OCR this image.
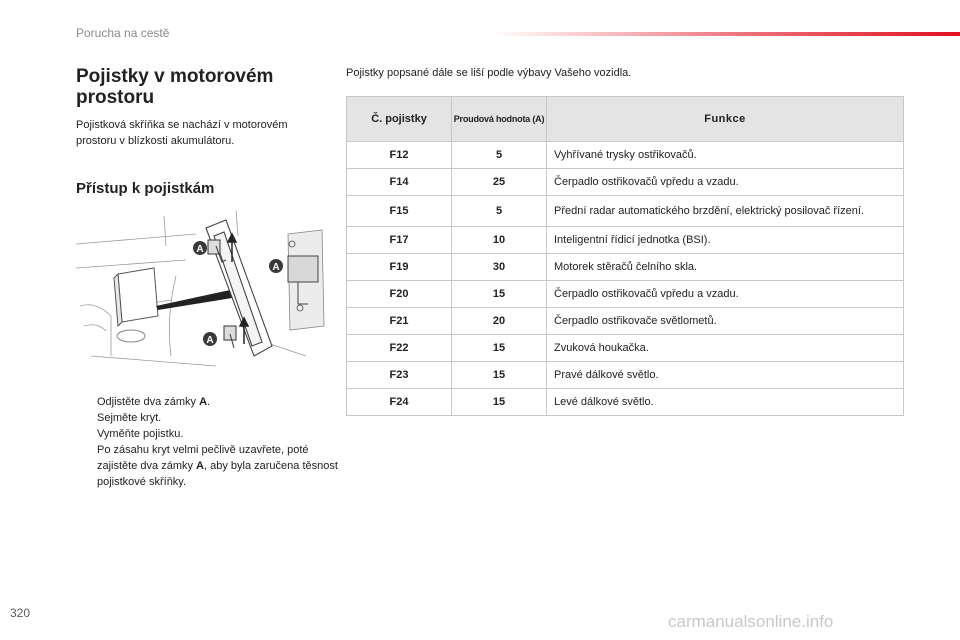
Porucha na cestě
Pojistky v motorovém prostoru
Pojistková skříňka se nachází v motorovém prostoru v blízkosti akumulátoru.
Přístup k pojistkám
A
A
A
Odjistěte dva zámky A.
Sejměte kryt.
Vyměňte pojistku.
Po zásahu kryt velmi pečlivě uzavřete, poté zajistěte dva zámky A, aby byla zaručena těsnost pojistkové skříňky.
Pojistky popsané dále se liší podle výbavy Vašeho vozidla.
Č. pojistky	Proudová hodnota (A)	Funkce
F12	5	Vyhřívané trysky ostřikovačů.
F14	25	Čerpadlo ostřikovačů vpředu a vzadu.
F15	5	Přední radar automatického brzdění, elektrický posilovač řízení.
F17	10	Inteligentní řídicí jednotka (BSI).
F19	30	Motorek stěračů čelního skla.
F20	15	Čerpadlo ostřikovačů vpředu a vzadu.
F21	20	Čerpadlo ostřikovače světlometů.
F22	15	Zvuková houkačka.
F23	15	Pravé dálkové světlo.
F24	15	Levé dálkové světlo.
320	carmanualsonline.info
